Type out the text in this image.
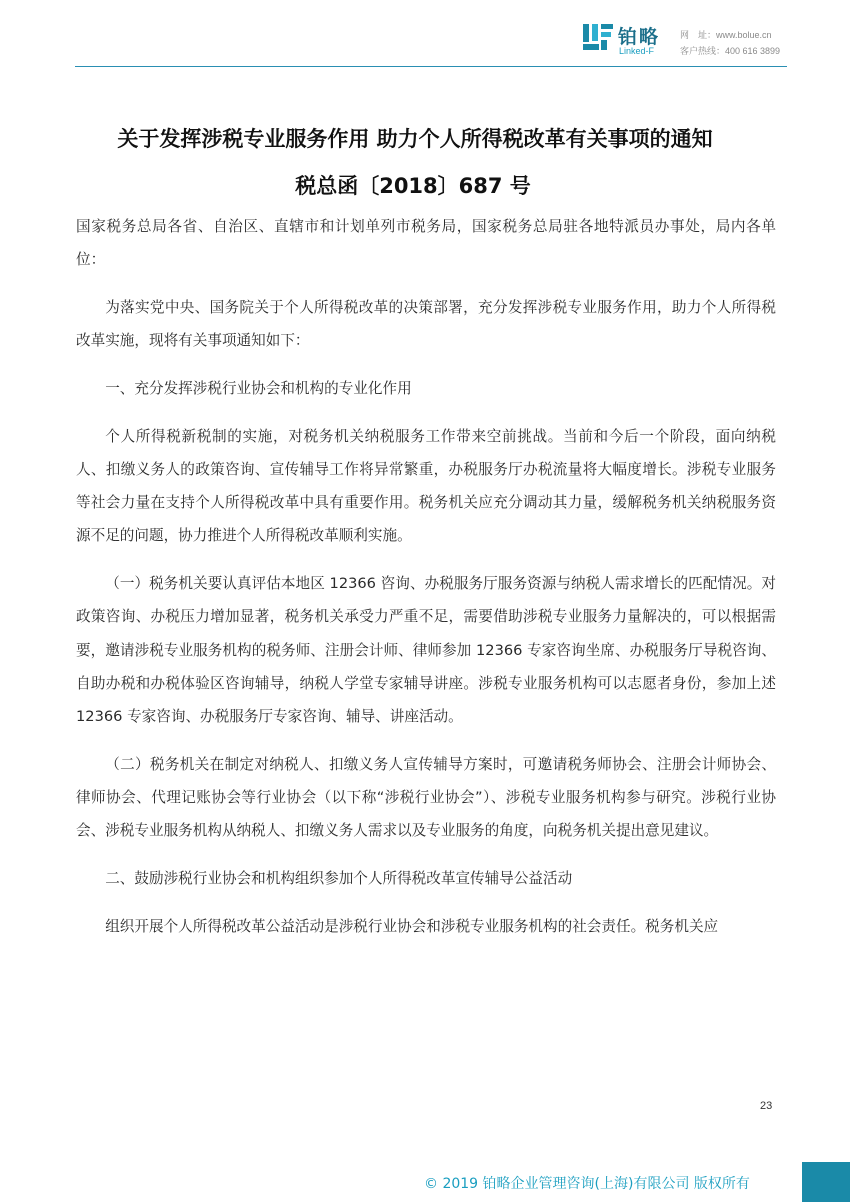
铂略
Linked-F
网　址：www.bolue.cn
客户热线：400 616 3899
关于发挥涉税专业服务作用 助力个人所得税改革有关事项的通知
税总函〔2018〕687 号

国家税务总局各省、自治区、直辖市和计划单列市税务局，国家税务总局驻各地特派员办事处，局内各单位：

为落实党中央、国务院关于个人所得税改革的决策部署，充分发挥涉税专业服务作用，助力个人所得税改革实施，现将有关事项通知如下：

一、充分发挥涉税行业协会和机构的专业化作用

个人所得税新税制的实施，对税务机关纳税服务工作带来空前挑战。当前和今后一个阶段，面向纳税人、扣缴义务人的政策咨询、宣传辅导工作将异常繁重，办税服务厅办税流量将大幅度增长。涉税专业服务等社会力量在支持个人所得税改革中具有重要作用。税务机关应充分调动其力量，缓解税务机关纳税服务资源不足的问题，协力推进个人所得税改革顺利实施。

（一）税务机关要认真评估本地区 12366 咨询、办税服务厅服务资源与纳税人需求增长的匹配情况。对政策咨询、办税压力增加显著，税务机关承受力严重不足，需要借助涉税专业服务力量解决的，可以根据需要，邀请涉税专业服务机构的税务师、注册会计师、律师参加 12366 专家咨询坐席、办税服务厅导税咨询、自助办税和办税体验区咨询辅导，纳税人学堂专家辅导讲座。涉税专业服务机构可以志愿者身份，参加上述 12366 专家咨询、办税服务厅专家咨询、辅导、讲座活动。

（二）税务机关在制定对纳税人、扣缴义务人宣传辅导方案时，可邀请税务师协会、注册会计师协会、律师协会、代理记账协会等行业协会（以下称“涉税行业协会”）、涉税专业服务机构参与研究。涉税行业协会、涉税专业服务机构从纳税人、扣缴义务人需求以及专业服务的角度，向税务机关提出意见建议。

二、鼓励涉税行业协会和机构组织参加个人所得税改革宣传辅导公益活动

组织开展个人所得税改革公益活动是涉税行业协会和涉税专业服务机构的社会责任。税务机关应

23
© 2019 铂略企业管理咨询(上海)有限公司 版权所有
